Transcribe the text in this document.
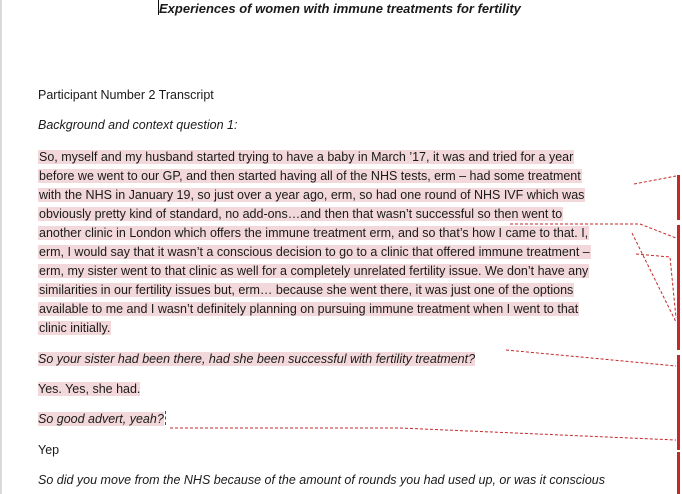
Experiences of women with immune treatments for fertility
Participant Number 2 Transcript
Background and context question 1:
So, myself and my husband started trying to have a baby in March ’17, it was and tried for a year
before we went to our GP, and then started having all of the NHS tests, erm – had some treatment
with the NHS in January 19, so just over a year ago, erm, so had one round of NHS IVF which was
obviously pretty kind of standard, no add-ons…and then that wasn’t successful so then went to
another clinic in London which offers the immune treatment erm, and so that’s how I came to that. I,
erm, I would say that it wasn’t a conscious decision to go to a clinic that offered immune treatment –
erm, my sister went to that clinic as well for a completely unrelated fertility issue. We don’t have any
similarities in our fertility issues but, erm… because she went there, it was just one of the options
available to me and I wasn’t definitely planning on pursuing immune treatment when I went to that
clinic initially.
So your sister had been there, had she been successful with fertility treatment?
Yes. Yes, she had.
So good advert, yeah?
Yep
So did you move from the NHS because of the amount of rounds you had used up, or was it conscious
